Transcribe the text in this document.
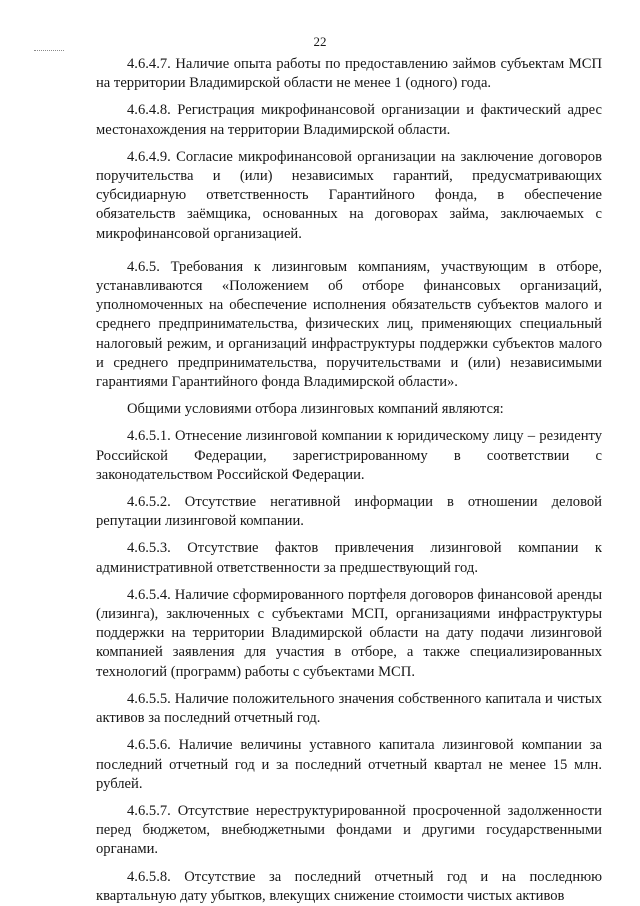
22

4.6.4.7. Наличие опыта работы по предоставлению займов субъектам МСП на территории Владимирской области не менее 1 (одного) года.

4.6.4.8. Регистрация микрофинансовой организации и фактический адрес местонахождения на территории Владимирской области.

4.6.4.9. Согласие микрофинансовой организации на заключение договоров поручительства и (или) независимых гарантий, предусматривающих субсидиарную ответственность Гарантийного фонда, в обеспечение обязательств заёмщика, основанных на договорах займа, заключаемых с микрофинансовой организацией.

4.6.5. Требования к лизинговым компаниям, участвующим в отборе, устанавливаются «Положением об отборе финансовых организаций, уполномоченных на обеспечение исполнения обязательств субъектов малого и среднего предпринимательства, физических лиц, применяющих специальный налоговый режим, и организаций инфраструктуры поддержки субъектов малого и среднего предпринимательства, поручительствами и (или) независимыми гарантиями Гарантийного фонда Владимирской области».

Общими условиями отбора лизинговых компаний являются:

4.6.5.1. Отнесение лизинговой компании к юридическому лицу – резиденту Российской Федерации, зарегистрированному в соответствии с законодательством Российской Федерации.

4.6.5.2. Отсутствие негативной информации в отношении деловой репутации лизинговой компании.

4.6.5.3. Отсутствие фактов привлечения лизинговой компании к административной ответственности за предшествующий год.

4.6.5.4. Наличие сформированного портфеля договоров финансовой аренды (лизинга), заключенных с субъектами МСП, организациями инфраструктуры поддержки на территории Владимирской области на дату подачи лизинговой компанией заявления для участия в отборе, а также специализированных технологий (программ) работы с субъектами МСП.

4.6.5.5. Наличие положительного значения собственного капитала и чистых активов за последний отчетный год.

4.6.5.6. Наличие величины уставного капитала лизинговой компании за последний отчетный год и за последний отчетный квартал не менее 15 млн. рублей.

4.6.5.7. Отсутствие нереструктурированной просроченной задолженности перед бюджетом, внебюджетными фондами и другими государственными органами.

4.6.5.8. Отсутствие за последний отчетный год и на последнюю квартальную дату убытков, влекущих снижение стоимости чистых активов
